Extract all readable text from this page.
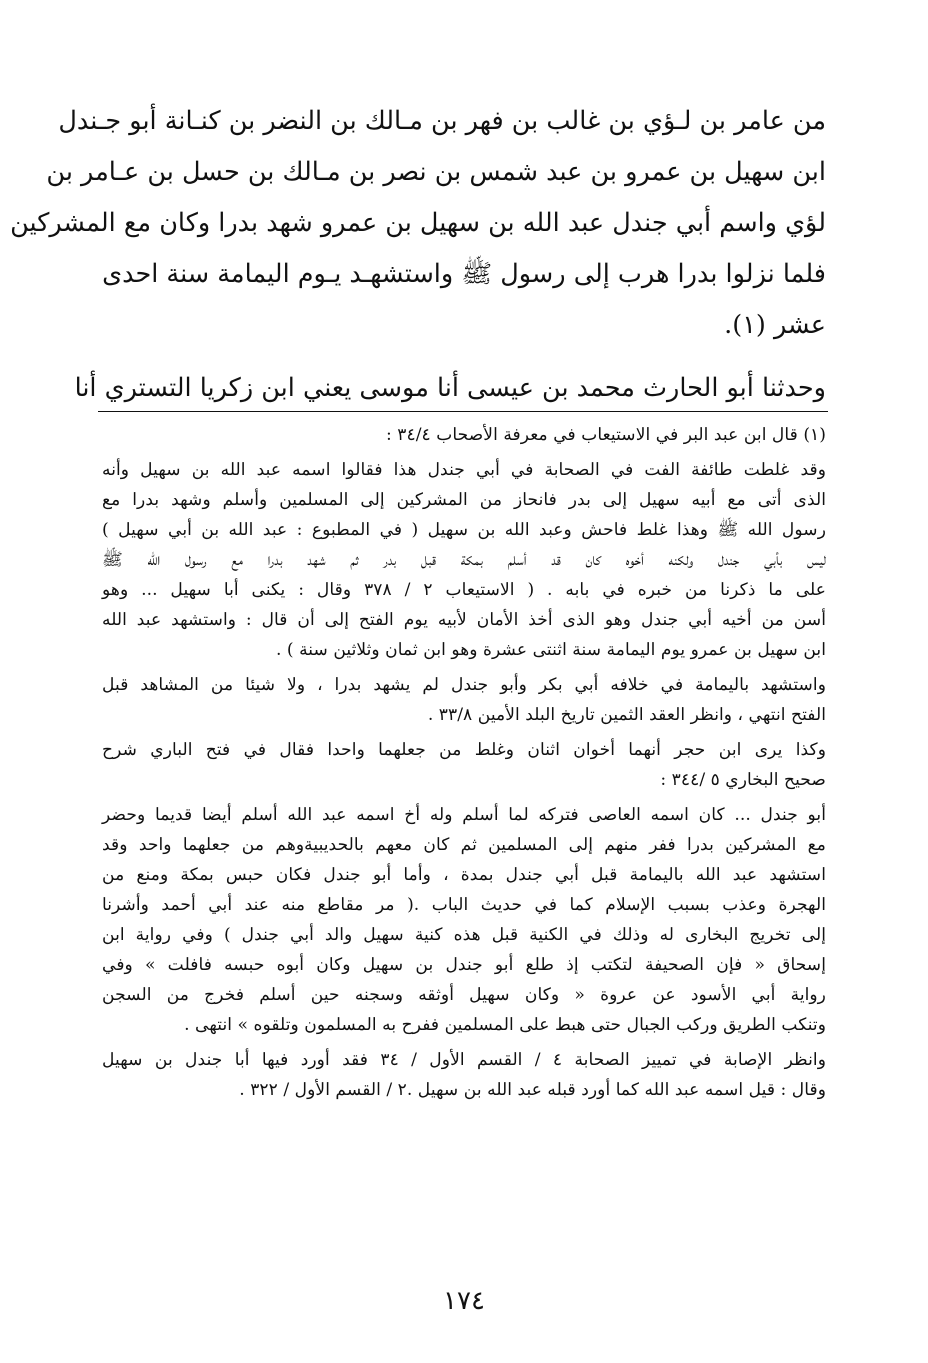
من عامر بن لـؤي بن غالب بن فهر بن مـالك بن النضر بن كنـانة أبو جـندل
ابن سهيل بن عمرو بن عبد شمس بن نصر بن مـالك بن حسل بن عـامر بن
لؤي واسم أبي جندل عبد الله بن سهيل بن عمرو شهد بدرا وكان مع المشركين
فلما نزلوا بدرا هرب إلى رسول ﷺ واستشهـد يـوم اليمامة سنة احدى
عشر (١).
وحدثنا أبو الحارث محمد بن عيسى أنا موسى يعني ابن زكريا التستري أنا
(١) قال ابن عبد البر في الاستيعاب في معرفة الأصحاب ٣٤/٤ :
وقد غلطت طائفة الفت في الصحابة في أبي جندل هذا فقالوا اسمه عبد الله بن سهيل وأنه
الذى أتى مع أبيه سهيل إلى بدر فانحاز من المشركين إلى المسلمين وأسلم وشهد بدرا مع
رسول الله ﷺ وهذا غلط فاحش وعبد الله بن سهيل ( في المطبوع : عبد الله بن أبي سهيل )
ليس بأبي جندل ولكنه أخوه كان قد أسلم بمكة قبل بدر ثم شهد بدرا مع رسول الله ﷺ
على ما ذكرنا من خبره في بابه . ( الاستيعاب ٢ / ٣٧٨ وقال : يكنى أبا سهيل ... وهو
أسن من أخيه أبي جندل وهو الذى أخذ الأمان لأبيه يوم الفتح إلى أن قال : واستشهد عبد الله
ابن سهيل بن عمرو يوم اليمامة سنة اثنتى عشرة وهو ابن ثمان وثلاثين سنة ) .
واستشهد باليمامة في خلافه أبي بكر وأبو جندل لم يشهد بدرا ، ولا شيئا من المشاهد قبل
الفتح انتهي ، وانظر العقد الثمين تاريخ البلد الأمين ٣٣/٨ .
وكذا يرى ابن حجر أنهما أخوان اثنان وغلط من جعلهما واحدا فقال في فتح الباري شرح
صحيح البخاري ٥ /٣٤٤ :
أبو جندل ... كان اسمه العاصى فتركه لما أسلم وله أخ اسمه عبد الله أسلم أيضا قديما وحضر
مع المشركين بدرا ففر منهم إلى المسلمين ثم كان معهم بالحديبيةوهم من جعلهما واحد وقد
استشهد عبد الله باليمامة قبل أبي جندل بمدة ، وأما أبو جندل فكان حبس بمكة ومنع من
الهجرة وعذب بسبب الإسلام كما في حديث الباب .( مر مقاطع منه عند أبي أحمد وأشرنا
إلى تخريج البخارى له وذلك في الكنية قبل هذه كنية سهيل والد أبي جندل ) وفي رواية ابن
إسحاق « فإن الصحيفة لتكتب إذ طلع أبو جندل بن سهيل وكان أبوه حبسه فافلت » وفي
رواية أبي الأسود عن عروة « وكان سهيل أوثقه وسجنه حين أسلم فخرج من السجن
وتنكب الطريق وركب الجبال حتى هبط على المسلمين ففرح به المسلمون وتلقوه » انتهى .
وانظر الإصابة في تمييز الصحابة ٤ / القسم الأول / ٣٤ فقد أورد فيها أبا جندل بن سهيل
وقال : قيل اسمه عبد الله كما أورد قبله عبد الله بن سهيل .٢ / القسم الأول / ٣٢٢ .
١٧٤
